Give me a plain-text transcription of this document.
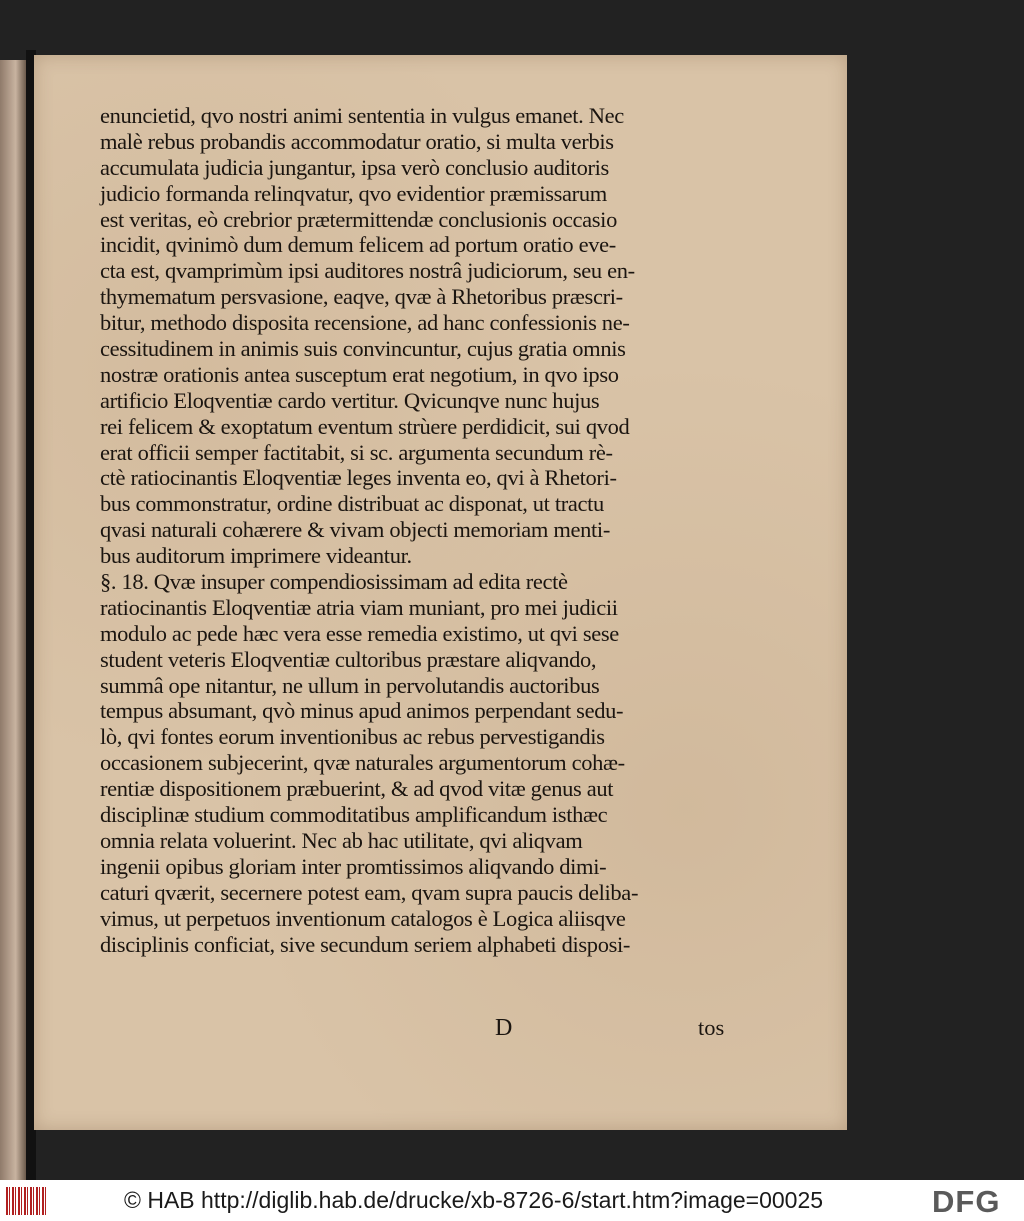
enuncietid, qvo nostri animi sententia in vulgus emanet. Nec
malè rebus probandis accommodatur oratio, si multa verbis
accumulata judicia jungantur, ipsa verò conclusio auditoris
judicio formanda relinqvatur, qvo evidentior præmissarum
est veritas, eò crebrior prætermittendæ conclusionis occasio
incidit, qvinimò dum demum felicem ad portum oratio eve-
cta est, qvamprimùm ipsi auditores nostrâ judiciorum, seu en-
thymematum persvasione, eaqve, qvæ à Rhetoribus præscri-
bitur, methodo disposita recensione, ad hanc confessionis ne-
cessitudinem in animis suis convincuntur, cujus gratia omnis
nostræ orationis antea susceptum erat negotium, in qvo ipso
artificio Eloqventiæ cardo vertitur. Qvicunqve nunc hujus
rei felicem & exoptatum eventum strùere perdidicit, sui qvod
erat officii semper factitabit, si sc. argumenta secundum rè-
ctè ratiocinantis Eloqventiæ leges inventa eo, qvi à Rhetori-
bus commonstratur, ordine distribuat ac disponat, ut tractu
qvasi naturali cohærere & vivam objecti memoriam menti-
bus auditorum imprimere videantur.
§. 18. Qvæ insuper compendiosissimam ad edita rectè
ratiocinantis Eloqventiæ atria viam muniant, pro mei judicii
modulo ac pede hæc vera esse remedia existimo, ut qvi sese
student veteris Eloqventiæ cultoribus præstare aliqvando,
summâ ope nitantur, ne ullum in pervolutandis auctoribus
tempus absumant, qvò minus apud animos perpendant sedu-
lò, qvi fontes eorum inventionibus ac rebus pervestigandis
occasionem subjecerint, qvæ naturales argumentorum cohæ-
rentiæ dispositionem præbuerint, & ad qvod vitæ genus aut
disciplinæ studium commoditatibus amplificandum isthæc
omnia relata voluerint. Nec ab hac utilitate, qvi aliqvam
ingenii opibus gloriam inter promtissimos aliqvando dimi-
caturi qværit, secernere potest eam, qvam supra paucis deliba-
vimus, ut perpetuos inventionum catalogos è Logica aliisqve
disciplinis conficiat, sive secundum seriem alphabeti disposi-
D	tos
© HAB http://diglib.hab.de/drucke/xb-8726-6/start.htm?image=00025	DFG
